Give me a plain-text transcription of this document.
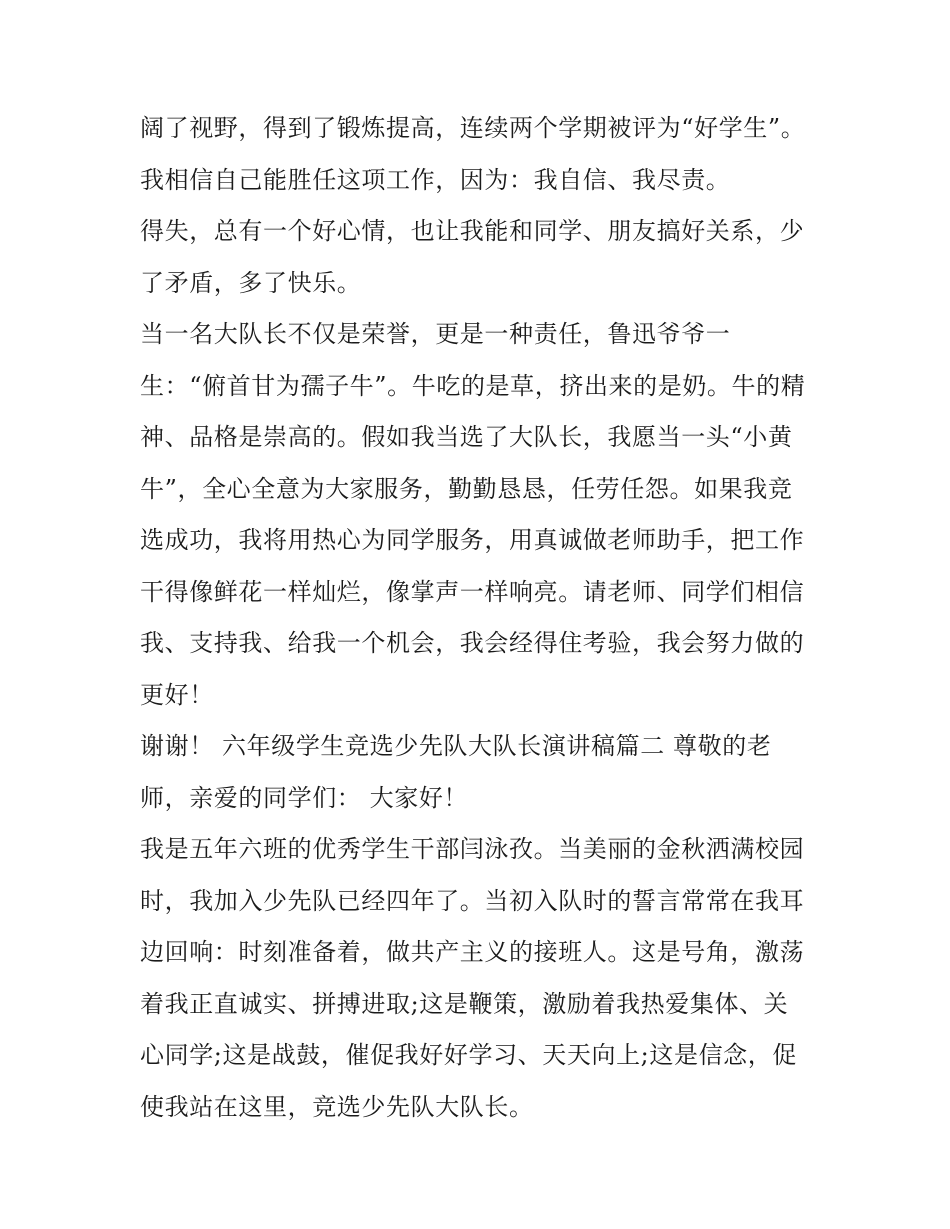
阔了视野，得到了锻炼提高，连续两个学期被评为“好学生”。
我相信自己能胜任这项工作，因为：我自信、我尽责。
得失，总有一个好心情，也让我能和同学、朋友搞好关系，少
了矛盾，多了快乐。
当一名大队长不仅是荣誉，更是一种责任，鲁迅爷爷一
生：“俯首甘为孺子牛”。牛吃的是草，挤出来的是奶。牛的精
神、品格是崇高的。假如我当选了大队长，我愿当一头“小黄
牛”，全心全意为大家服务，勤勤恳恳，任劳任怨。如果我竞
选成功，我将用热心为同学服务，用真诚做老师助手，把工作
干得像鲜花一样灿烂，像掌声一样响亮。请老师、同学们相信
我、支持我、给我一个机会，我会经得住考验，我会努力做的
更好！
谢谢！ 六年级学生竞选少先队大队长演讲稿篇二 尊敬的老
师，亲爱的同学们： 大家好！
我是五年六班的优秀学生干部闫泳孜。当美丽的金秋洒满校园
时，我加入少先队已经四年了。当初入队时的誓言常常在我耳
边回响：时刻准备着，做共产主义的接班人。这是号角，激荡
着我正直诚实、拼搏进取;这是鞭策，激励着我热爱集体、关
心同学;这是战鼓，催促我好好学习、天天向上;这是信念，促
使我站在这里，竞选少先队大队长。
